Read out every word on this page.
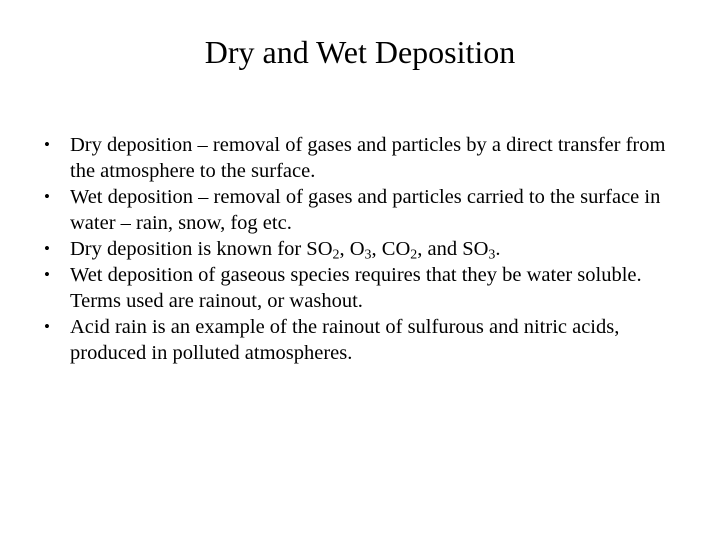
Dry and Wet Deposition
• Dry deposition – removal of gases and particles by a direct transfer from the atmosphere to the surface.
• Wet deposition – removal of gases and particles carried to the surface in water – rain, snow, fog etc.
• Dry deposition is known for $SO_2$, $O_3$, $CO_2$, and $SO_3$.
• Wet deposition of gaseous species requires that they be water soluble. Terms used are rainout, or washout.
• Acid rain is an example of the rainout of sulfurous and nitric acids, produced in polluted atmospheres.
